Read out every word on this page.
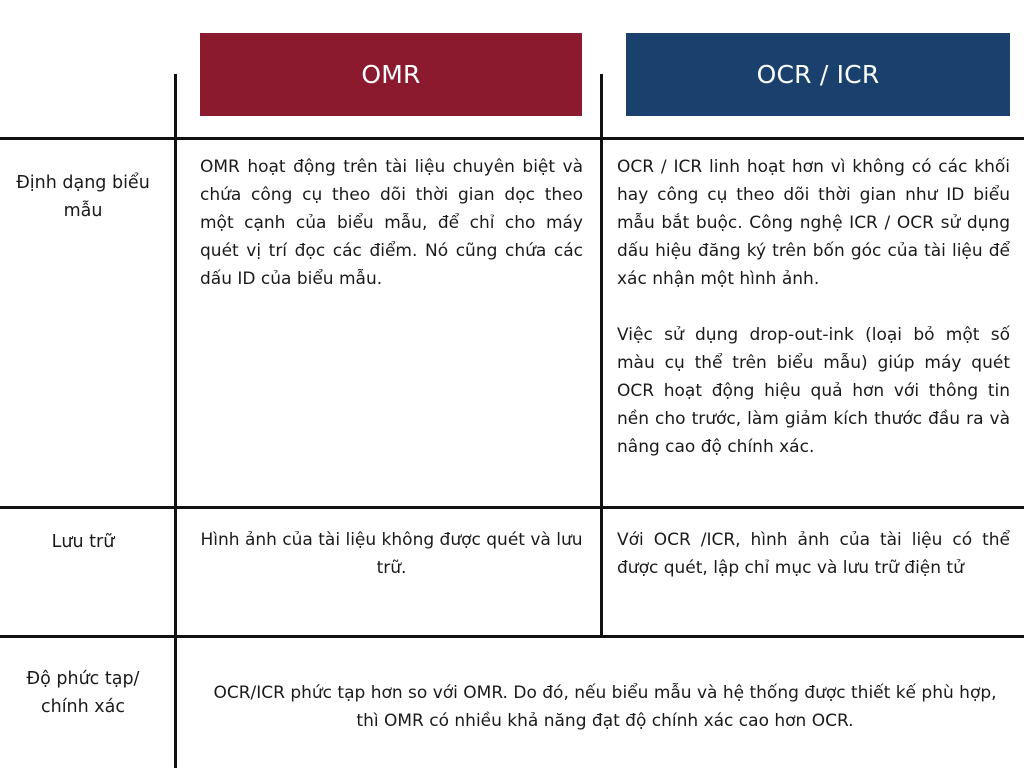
OMR	OCR / ICR
Định dạng biểu mẫu

OMR hoạt động trên tài liệu chuyên biệt và chứa công cụ theo dõi thời gian dọc theo một cạnh của biểu mẫu, để chỉ cho máy quét vị trí đọc các điểm. Nó cũng chứa các dấu ID của biểu mẫu.

OCR / ICR linh hoạt hơn vì không có các khối hay công cụ theo dõi thời gian như ID biểu mẫu bắt buộc. Công nghệ ICR / OCR sử dụng dấu hiệu đăng ký trên bốn góc của tài liệu để xác nhận một hình ảnh.

Việc sử dụng drop-out-ink (loại bỏ một số màu cụ thể trên biểu mẫu) giúp máy quét OCR hoạt động hiệu quả hơn với thông tin nền cho trước, làm giảm kích thước đầu ra và nâng cao độ chính xác.

Lưu trữ	Hình ảnh của tài liệu không được quét và lưu trữ.

Với OCR /ICR, hình ảnh của tài liệu có thể được quét, lập chỉ mục và lưu trữ điện tử

Độ phức tạp/ chính xác

OCR/ICR phức tạp hơn so với OMR. Do đó, nếu biểu mẫu và hệ thống được thiết kế phù hợp, thì OMR có nhiều khả năng đạt độ chính xác cao hơn OCR.
